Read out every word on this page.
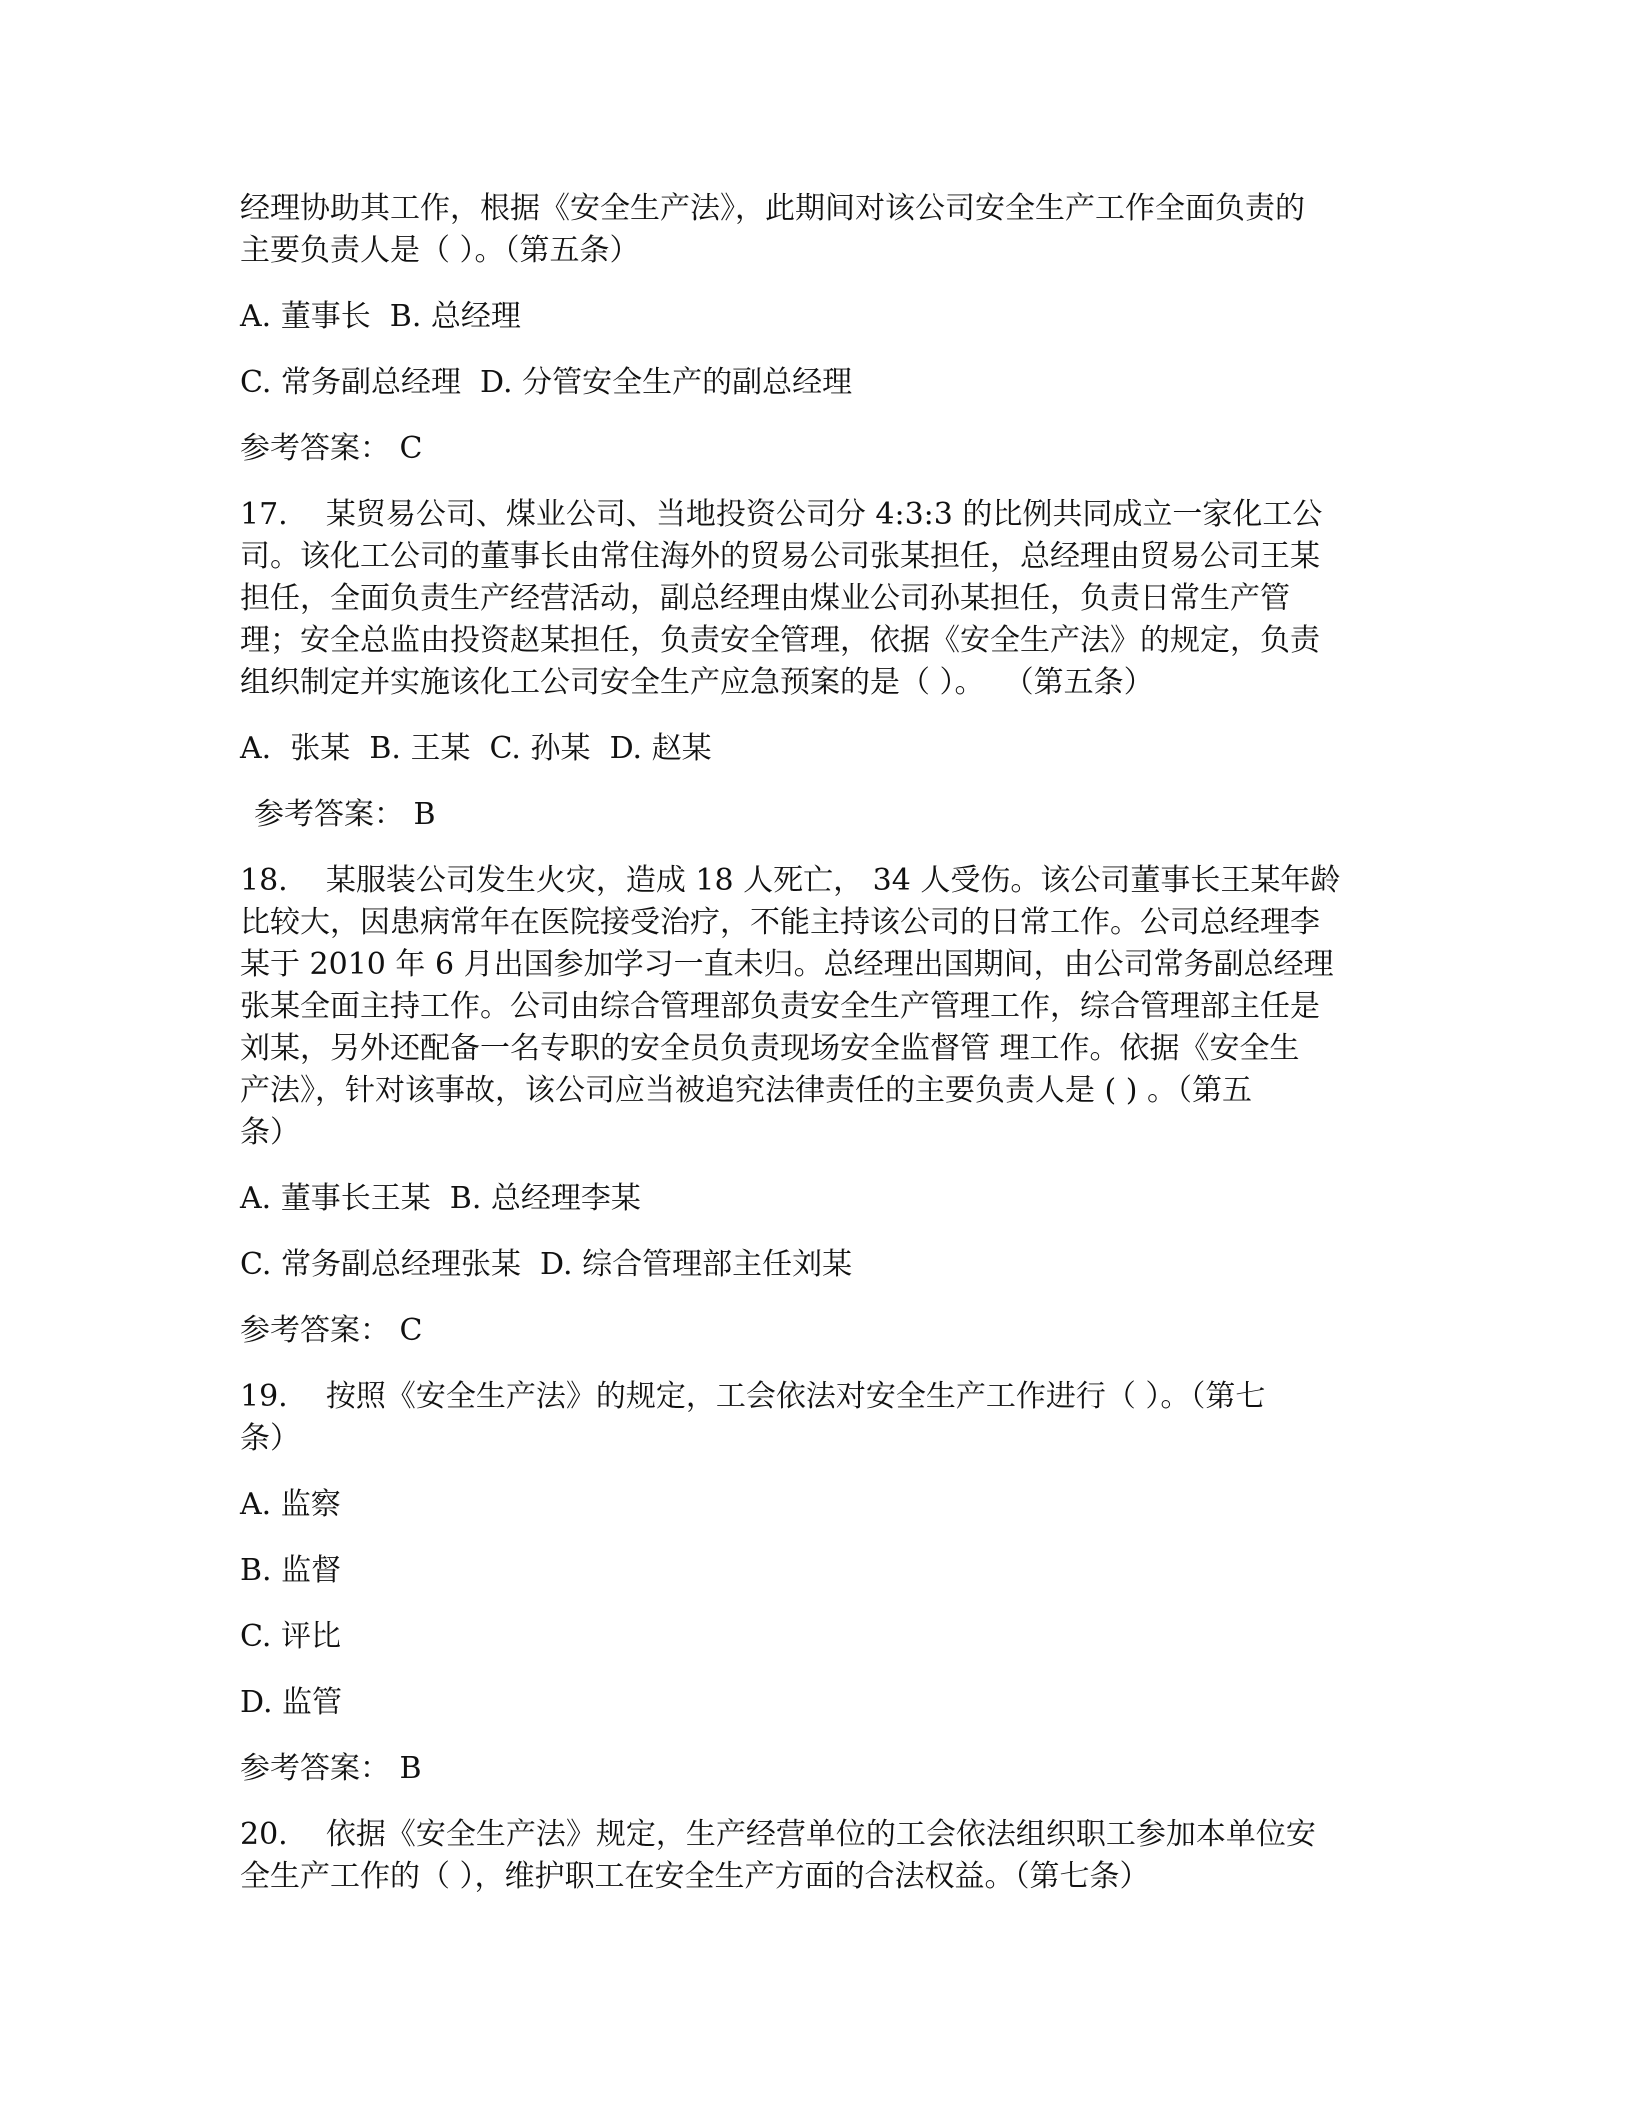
经理协助其工作，根据《安全生产法》，此期间对该公司安全生产工作全面负责的
主要负责人是（ ）。（第五条）
A. 董事长  B. 总经理
C. 常务副总经理  D. 分管安全生产的副总经理
参考答案： C
17.    某贸易公司、煤业公司、当地投资公司分 4:3:3 的比例共同成立一家化工公
司。该化工公司的董事长由常住海外的贸易公司张某担任，总经理由贸易公司王某
担任，全面负责生产经营活动，副总经理由煤业公司孙某担任，负责日常生产管
理；安全总监由投资赵某担任，负责安全管理，依据《安全生产法》的规定，负责
组织制定并实施该化工公司安全生产应急预案的是（ ）。  （第五条）
A.  张某  B. 王某  C. 孙某  D. 赵某
参考答案： B
18.    某服装公司发生火灾，造成 18 人死亡， 34 人受伤。该公司董事长王某年龄
比较大，因患病常年在医院接受治疗，不能主持该公司的日常工作。公司总经理李
某于 2010 年 6 月出国参加学习一直未归。总经理出国期间，由公司常务副总经理
张某全面主持工作。公司由综合管理部负责安全生产管理工作，综合管理部主任是
刘某，另外还配备一名专职的安全员负责现场安全监督管 理工作。依据《安全生
产法》，针对该事故，该公司应当被追究法律责任的主要负责人是 ( ) 。（第五
条）
A. 董事长王某  B. 总经理李某
C. 常务副总经理张某  D. 综合管理部主任刘某
参考答案： C
19.    按照《安全生产法》的规定，工会依法对安全生产工作进行（ ）。（第七
条）
A. 监察
B. 监督
C. 评比
D. 监管
参考答案： B
20.    依据《安全生产法》规定，生产经营单位的工会依法组织职工参加本单位安
全生产工作的（ ），维护职工在安全生产方面的合法权益。（第七条）
